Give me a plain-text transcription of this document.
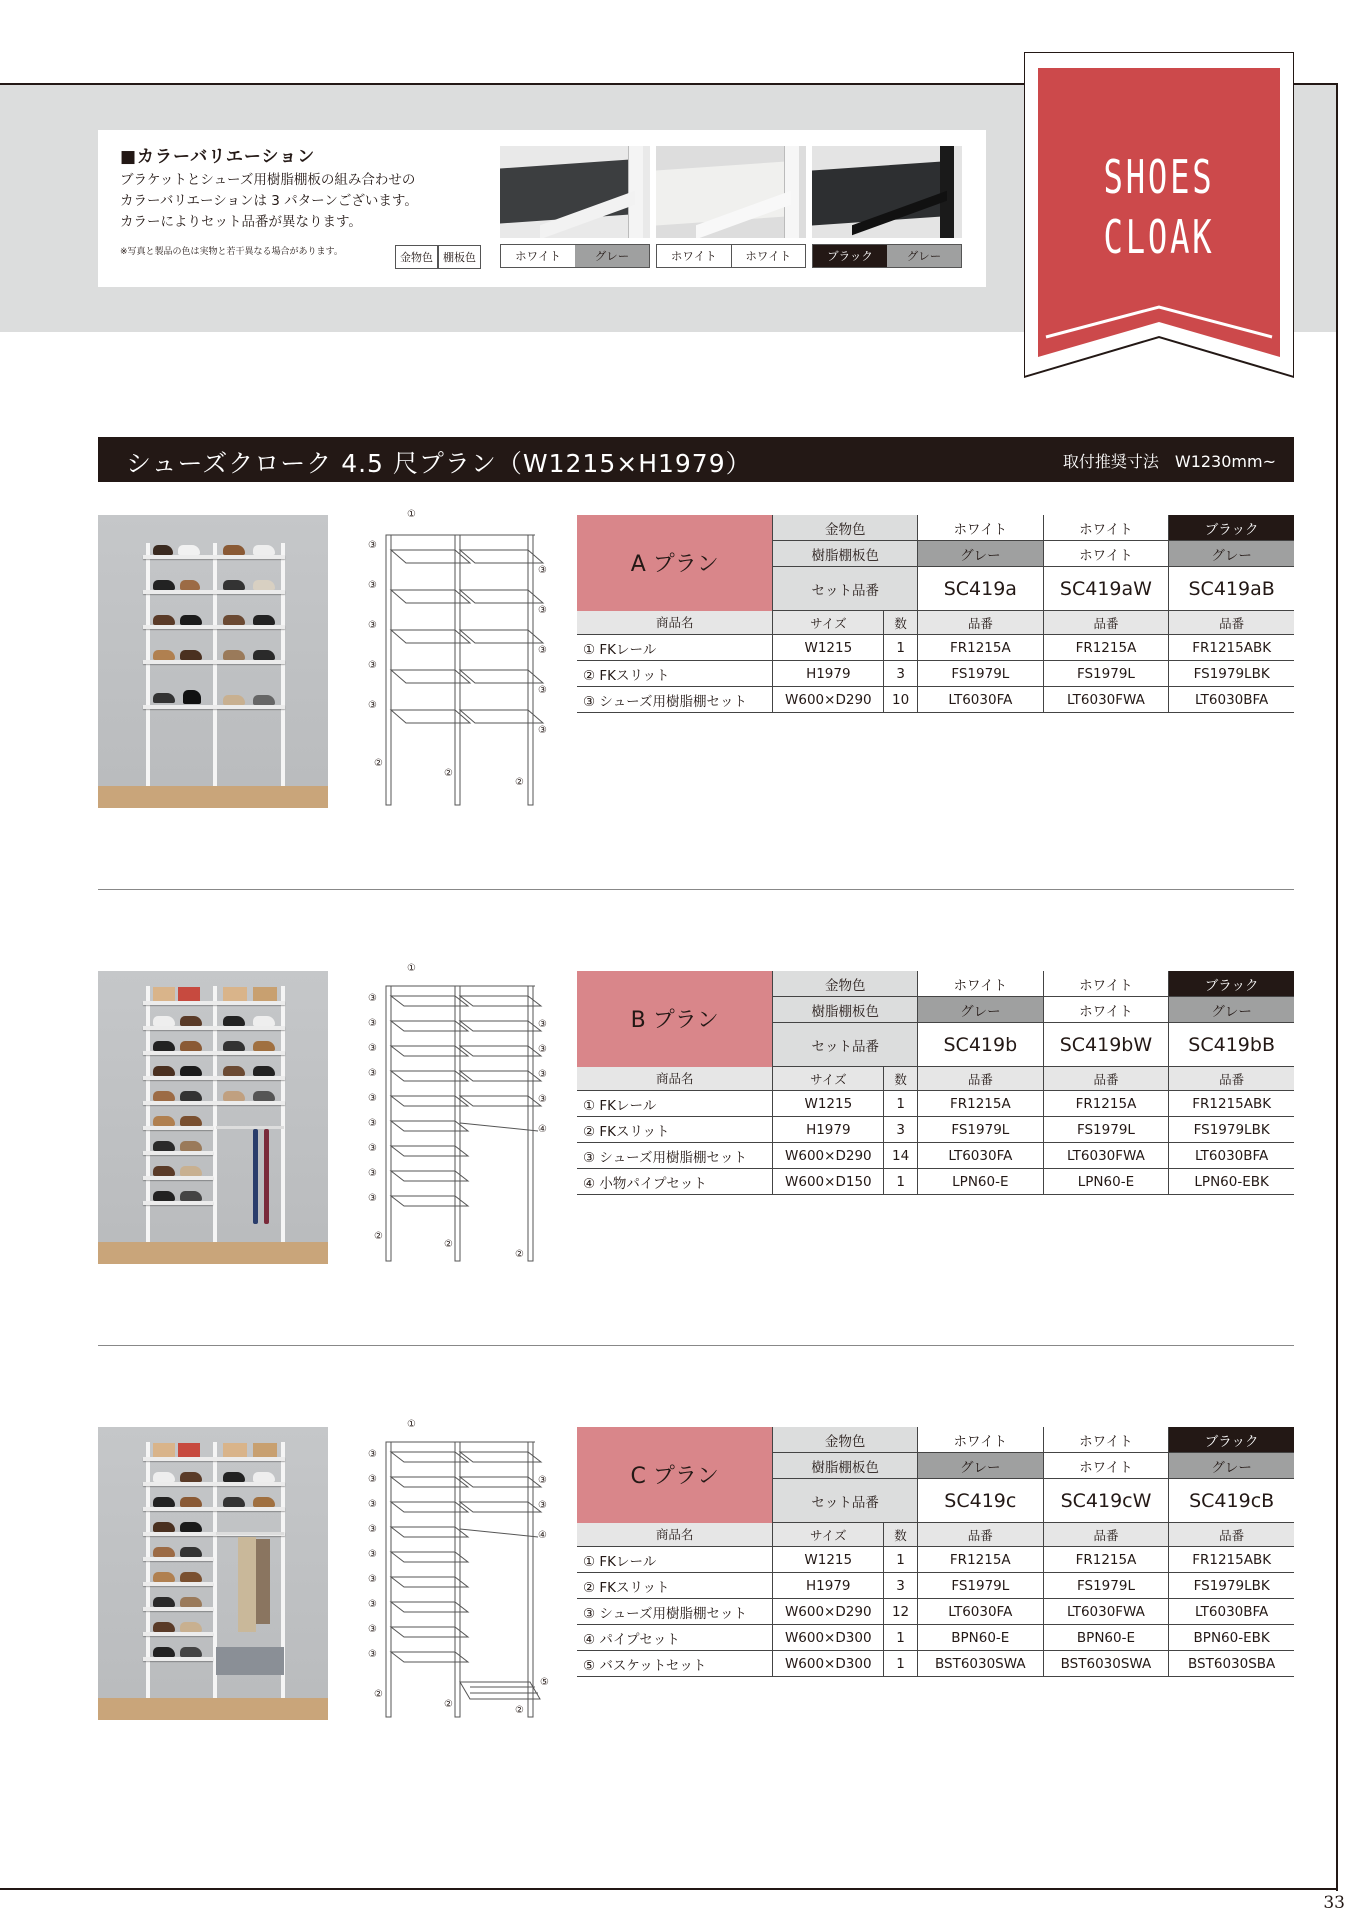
■カラーバリエーション
ブラケットとシューズ用樹脂棚板の組み合わせの
カラーバリエーションは 3 パターンございます。
カラーによりセット品番が異なります。
※写真と製品の色は実物と若干異なる場合があります。	金物色 棚板色	ホワイト	グレー	ホワイト	ホワイト	ブラック	グレー
SHOES
CLOAK
シューズクローク 4.5 尺プラン（W1215×H1979）	取付推奨寸法　W1230mm~
①
③
③
③
③
③
③
③
③
③
③
②
②
②
A プラン	金物色		ホワイト	ホワイト	ブラック
	樹脂棚板色		グレー	ホワイト	グレー
	セット品番		SC419a	SC419aW	SC419aB
商品名	サイズ	数	品番	品番	品番
① FKレール	W1215	1	FR1215A	FR1215A	FR1215ABK
② FKスリット	H1979	3	FS1979L	FS1979L	FS1979LBK
③ シューズ用樹脂棚セット	W600×D290	10	LT6030FA	LT6030FWA	LT6030BFA
①
③
③
③
③
③
③
③
③
③
③
③
③
③
④
②
②
②
B プラン	金物色		ホワイト	ホワイト	ブラック
	樹脂棚板色		グレー	ホワイト	グレー
	セット品番		SC419b	SC419bW	SC419bB
商品名	サイズ	数	品番	品番	品番
① FKレール	W1215	1	FR1215A	FR1215A	FR1215ABK
② FKスリット	H1979	3	FS1979L	FS1979L	FS1979LBK
③ シューズ用樹脂棚セット	W600×D290	14	LT6030FA	LT6030FWA	LT6030BFA
④ 小物パイプセット	W600×D150	1	LPN60-E	LPN60-E	LPN60-EBK
①
③
③
③
③
③
③
③
③
③
③
③
④
⑤
②
②
②
C プラン	金物色		ホワイト	ホワイト	ブラック
	樹脂棚板色		グレー	ホワイト	グレー
	セット品番		SC419c	SC419cW	SC419cB
商品名	サイズ	数	品番	品番	品番
① FKレール	W1215	1	FR1215A	FR1215A	FR1215ABK
② FKスリット	H1979	3	FS1979L	FS1979L	FS1979LBK
③ シューズ用樹脂棚セット	W600×D290	12	LT6030FA	LT6030FWA	LT6030BFA
④ パイプセット	W600×D300	1	BPN60-E	BPN60-E	BPN60-EBK
⑤ バスケットセット	W600×D300	1	BST6030SWA	BST6030SWA	BST6030SBA
33
